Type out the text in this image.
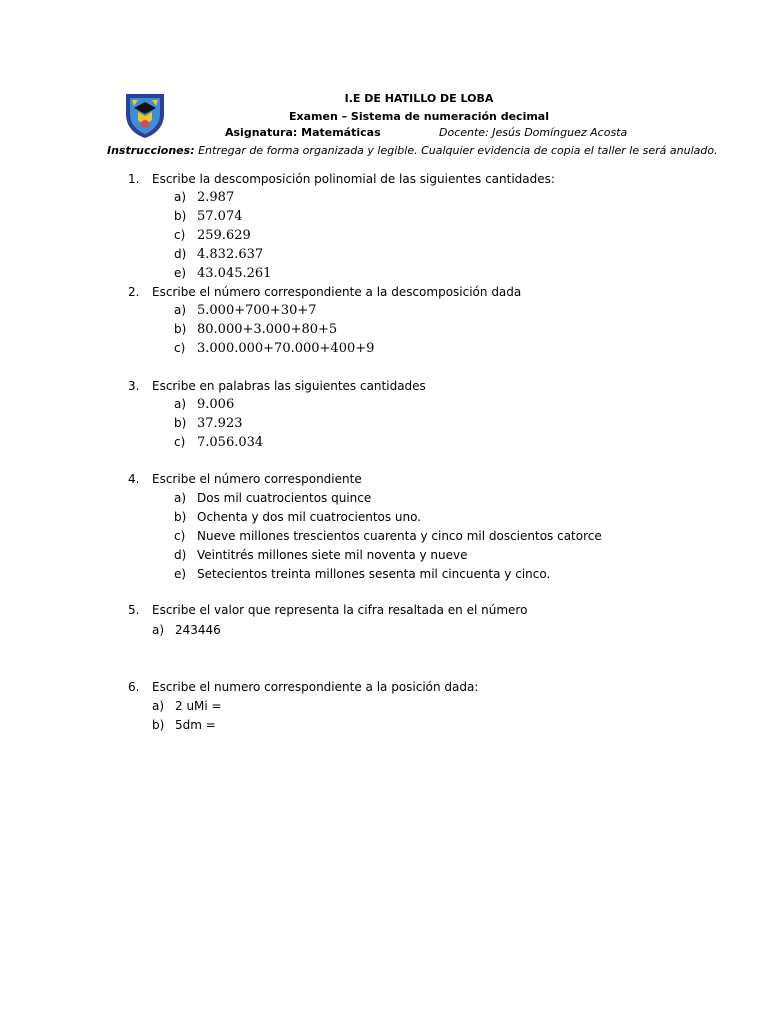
I.E DE HATILLO DE LOBA
Examen – Sistema de numeración decimal
Asignatura: Matemáticas	Docente: Jesús Domínguez Acosta
Instrucciones: Entregar de forma organizada y legible. Cualquier evidencia de copia el taller le será anulado.
1. Escribe la descomposición polinomial de las siguientes cantidades:
a) 2.987
b) 57.074
c) 259.629
d) 4.832.637
e) 43.045.261
2. Escribe el número correspondiente a la descomposición dada
a) 5.000+700+30+7
b) 80.000+3.000+80+5
c) 3.000.000+70.000+400+9
3. Escribe en palabras las siguientes cantidades
a) 9.006
b) 37.923
c) 7.056.034
4. Escribe el número correspondiente
a) Dos mil cuatrocientos quince
b) Ochenta y dos mil cuatrocientos uno.
c) Nueve millones trescientos cuarenta y cinco mil doscientos catorce
d) Veintitrés millones siete mil noventa y nueve
e) Setecientos treinta millones sesenta mil cincuenta y cinco.
5. Escribe el valor que representa la cifra resaltada en el número
a) 243446
6. Escribe el numero correspondiente a la posición dada:
a) 2 uMi =
b) 5dm =
